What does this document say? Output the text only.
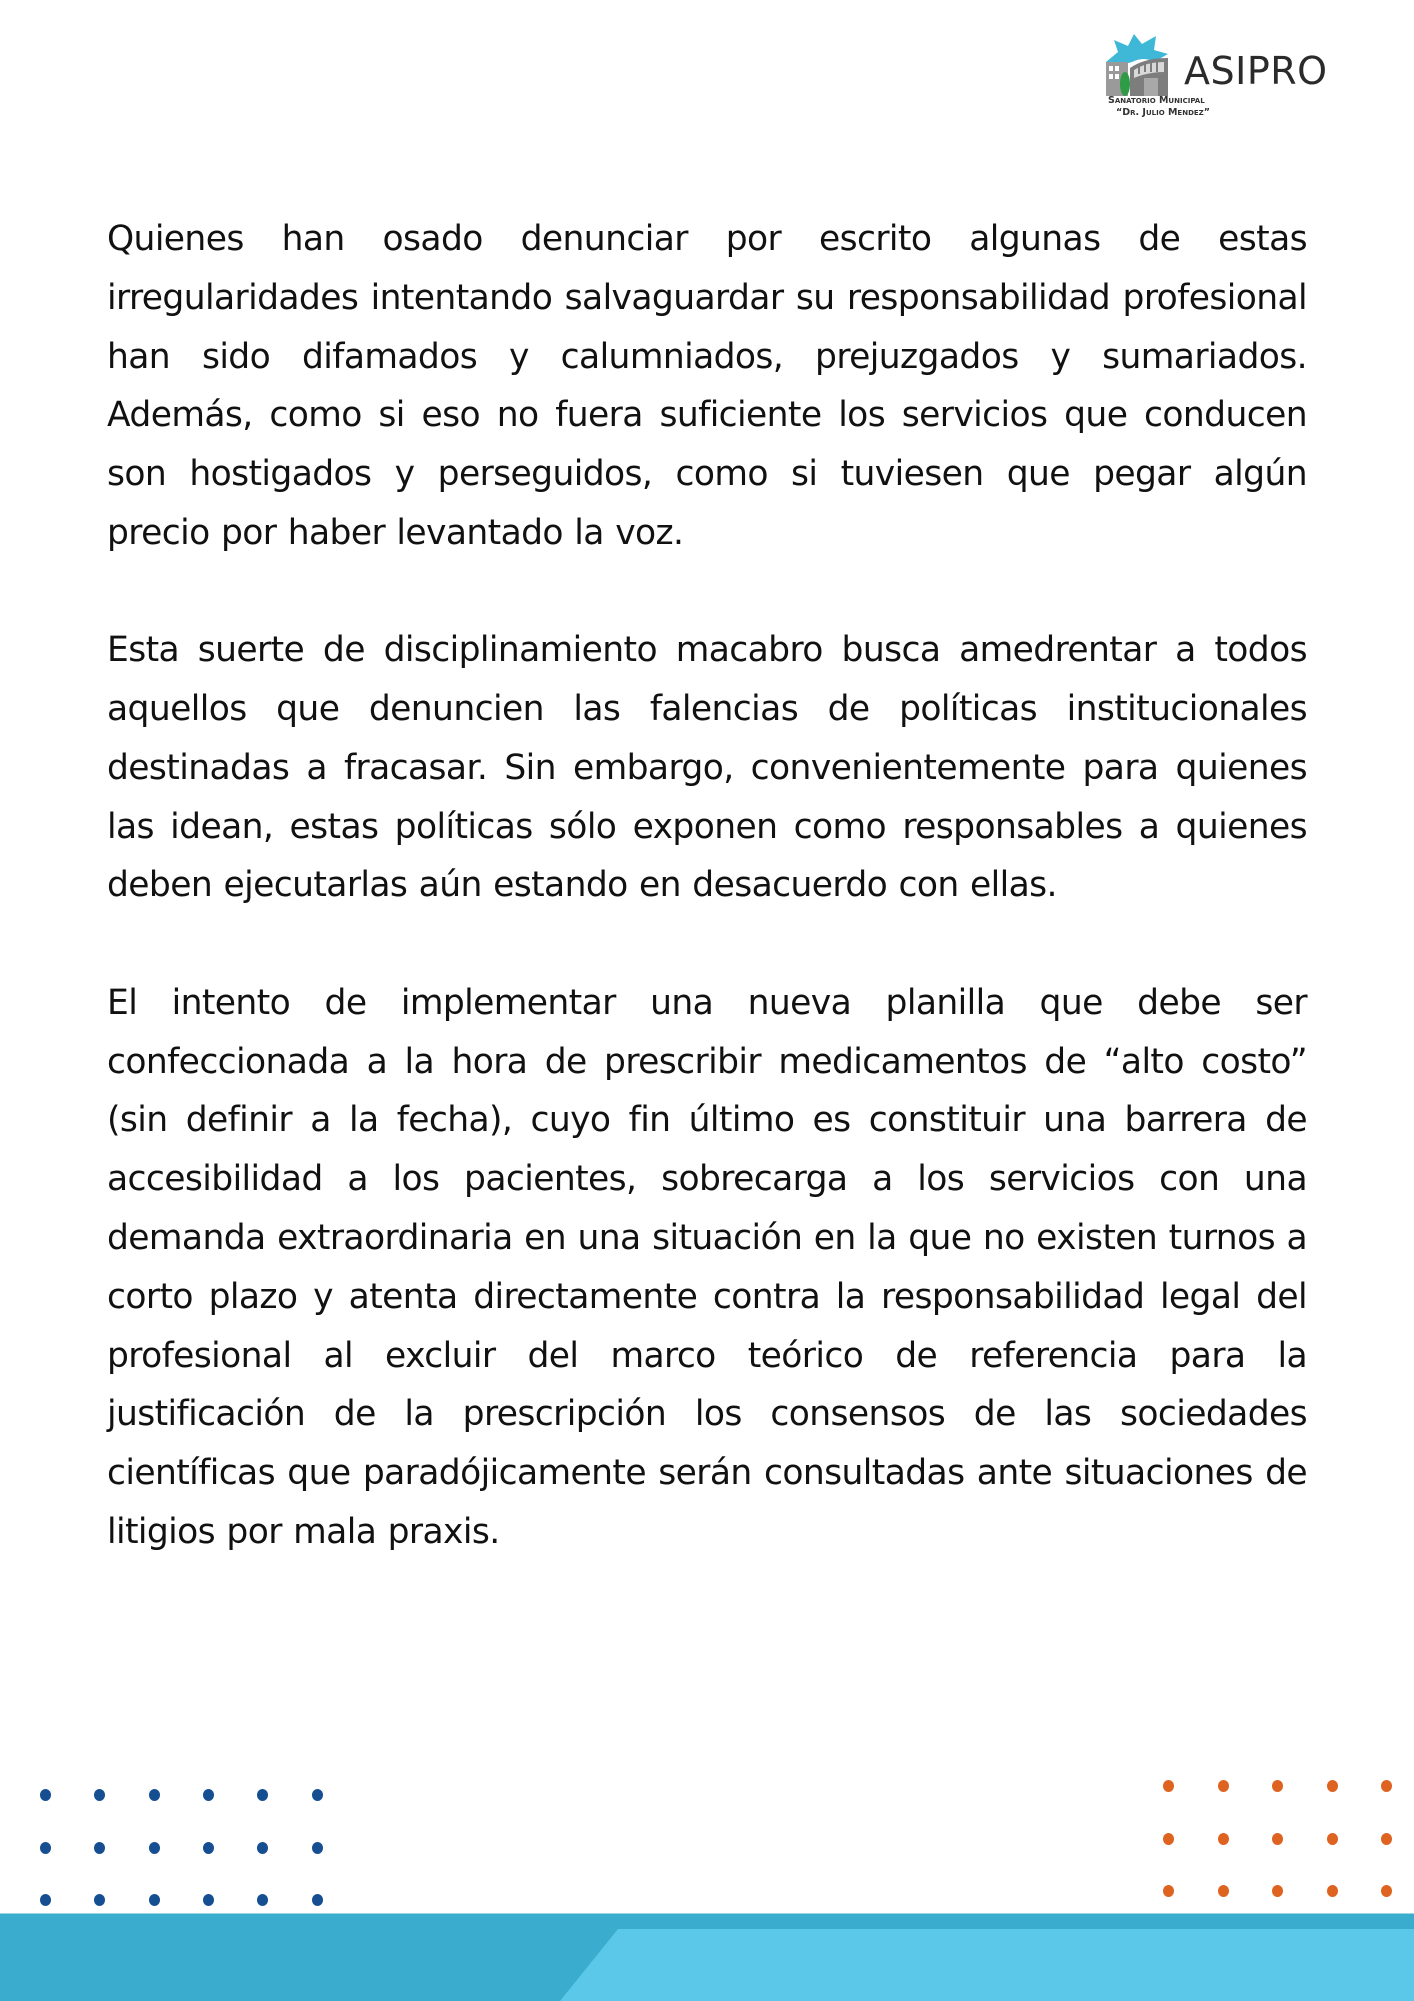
ASIPRO
Sanatorio Municipal
“Dr. Julio Mendez”

Quienes han osado denunciar por escrito algunas de estas irregularidades intentando salvaguardar su responsabilidad profesional han sido difamados y calumniados, prejuzgados y sumariados. Además, como si eso no fuera suficiente los servicios que conducen son hostigados y perseguidos, como si tuviesen que pegar algún precio por haber levantado la voz.

Esta suerte de disciplinamiento macabro busca amedrentar a todos aquellos que denuncien las falencias de políticas institucionales destinadas a fracasar. Sin embargo, convenientemente para quienes las idean, estas políticas sólo exponen como responsables a quienes deben ejecutarlas aún estando en desacuerdo con ellas.

El intento de implementar una nueva planilla que debe ser confeccionada a la hora de prescribir medicamentos de “alto costo” (sin definir a la fecha), cuyo fin último es constituir una barrera de accesibilidad a los pacientes, sobrecarga a los servicios con una demanda extraordinaria en una situación en la que no existen turnos a corto plazo y atenta directamente contra la responsabilidad legal del profesional al excluir del marco teórico de referencia para la justificación de la prescripción los consensos de las sociedades científicas que paradójicamente serán consultadas ante situaciones de litigios por mala praxis.
